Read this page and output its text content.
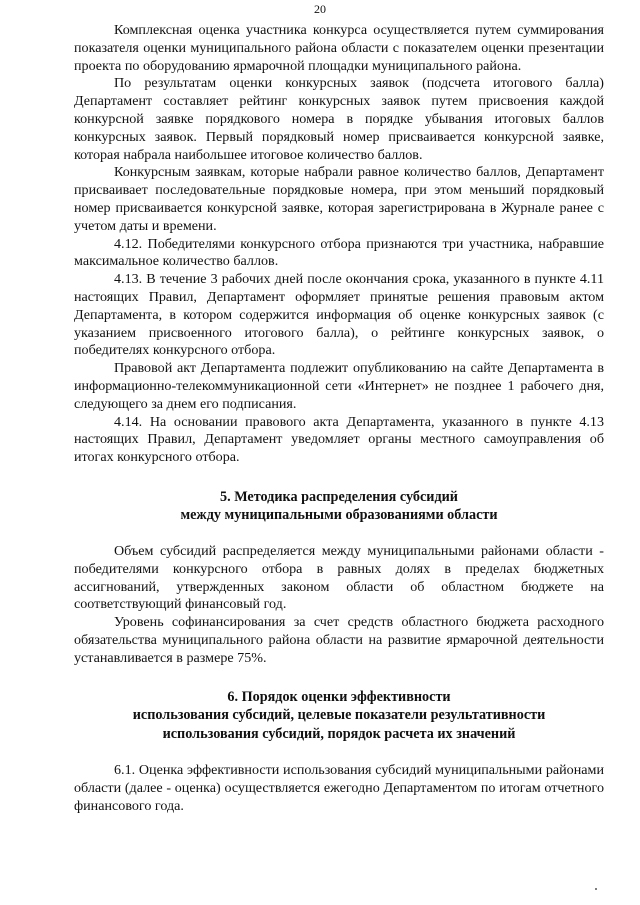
20

Комплексная оценка участника конкурса осуществляется путем суммирования показателя оценки муниципального района области с показателем оценки презентации проекта по оборудованию ярмарочной площадки муниципального района.

По результатам оценки конкурсных заявок (подсчета итогового балла) Департамент составляет рейтинг конкурсных заявок путем присвоения каждой конкурсной заявке порядкового номера в порядке убывания итоговых баллов конкурсных заявок. Первый порядковый номер присваивается конкурсной заявке, которая набрала наибольшее итоговое количество баллов.

Конкурсным заявкам, которые набрали равное количество баллов, Департамент присваивает последовательные порядковые номера, при этом меньший порядковый номер присваивается конкурсной заявке, которая зарегистрирована в Журнале ранее с учетом даты и времени.

4.12. Победителями конкурсного отбора признаются три участника, набравшие максимальное количество баллов.

4.13. В течение 3 рабочих дней после окончания срока, указанного в пункте 4.11 настоящих Правил, Департамент оформляет принятые решения правовым актом Департамента, в котором содержится информация об оценке конкурсных заявок (с указанием присвоенного итогового балла), о рейтинге конкурсных заявок, о победителях конкурсного отбора.

Правовой акт Департамента подлежит опубликованию на сайте Департамента в информационно-телекоммуникационной сети «Интернет» не позднее 1 рабочего дня, следующего за днем его подписания.

4.14. На основании правового акта Департамента, указанного в пункте 4.13 настоящих Правил, Департамент уведомляет органы местного самоуправления об итогах конкурсного отбора.

5. Методика распределения субсидий
между муниципальными образованиями области

Объем субсидий распределяется между муниципальными районами области - победителями конкурсного отбора в равных долях в пределах бюджетных ассигнований, утвержденных законом области об областном бюджете на соответствующий финансовый год.

Уровень софинансирования за счет средств областного бюджета расходного обязательства муниципального района области на развитие ярмарочной деятельности устанавливается в размере 75%.

6. Порядок оценки эффективности
использования субсидий, целевые показатели результативности
использования субсидий, порядок расчета их значений

6.1. Оценка эффективности использования субсидий муниципальными районами области (далее - оценка) осуществляется ежегодно Департаментом по итогам отчетного финансового года.
